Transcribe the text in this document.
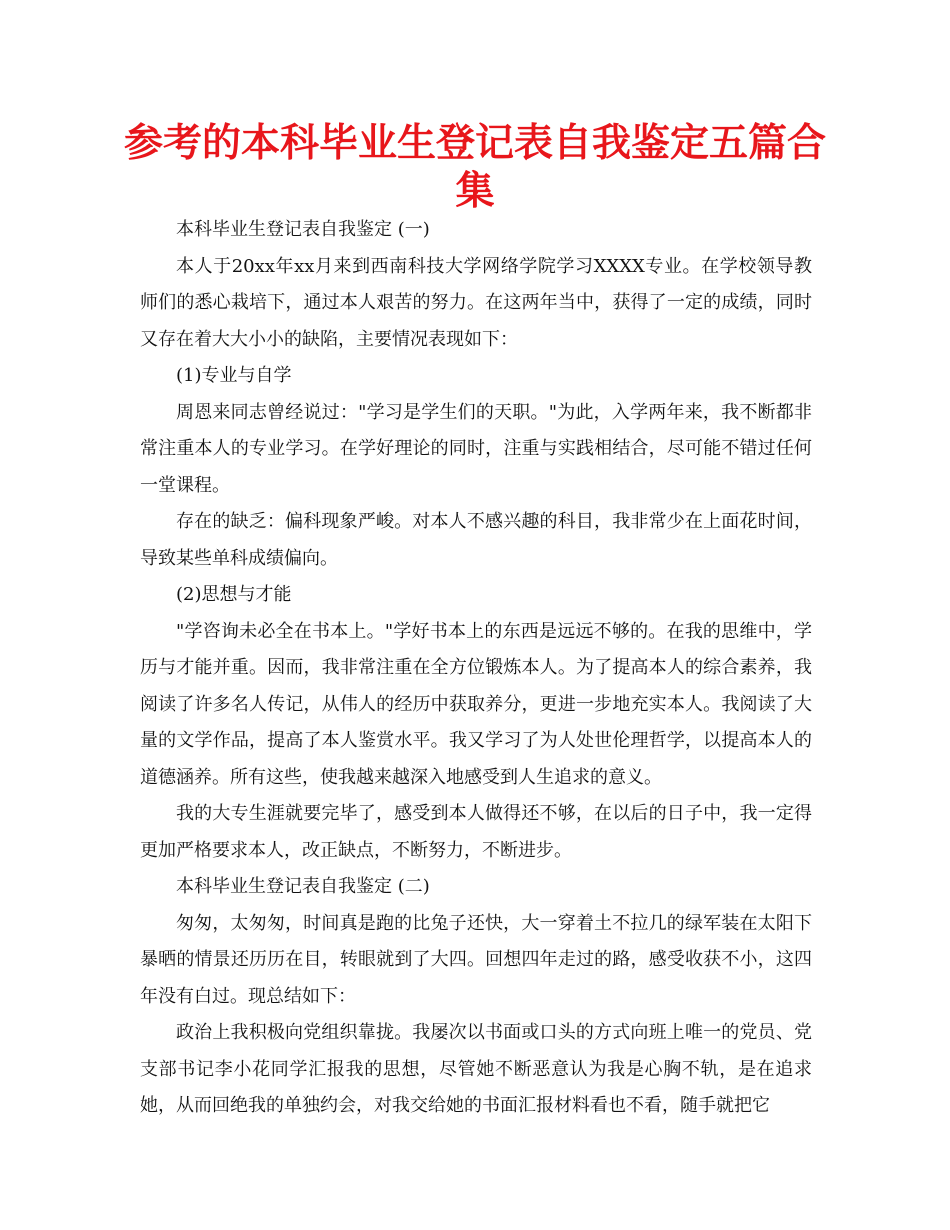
参考的本科毕业生登记表自我鉴定五篇合集

本科毕业生登记表自我鉴定 (一)

本人于20xx年xx月来到西南科技大学网络学院学习XXXX专业。在学校领导教师们的悉心栽培下，通过本人艰苦的努力。在这两年当中，获得了一定的成绩，同时又存在着大大小小的缺陷，主要情况表现如下：

(1)专业与自学

周恩来同志曾经说过："学习是学生们的天职。"为此，入学两年来，我不断都非常注重本人的专业学习。在学好理论的同时，注重与实践相结合，尽可能不错过任何一堂课程。

存在的缺乏：偏科现象严峻。对本人不感兴趣的科目，我非常少在上面花时间，导致某些单科成绩偏向。

(2)思想与才能

"学咨询未必全在书本上。"学好书本上的东西是远远不够的。在我的思维中，学历与才能并重。因而，我非常注重在全方位锻炼本人。为了提高本人的综合素养，我阅读了许多名人传记，从伟人的经历中获取养分，更进一步地充实本人。我阅读了大量的文学作品，提高了本人鉴赏水平。我又学习了为人处世伦理哲学，以提高本人的道德涵养。所有这些，使我越来越深入地感受到人生追求的意义。

我的大专生涯就要完毕了，感受到本人做得还不够，在以后的日子中，我一定得更加严格要求本人，改正缺点，不断努力，不断进步。

本科毕业生登记表自我鉴定 (二)

匆匆，太匆匆，时间真是跑的比兔子还快，大一穿着土不拉几的绿军装在太阳下暴晒的情景还历历在目，转眼就到了大四。回想四年走过的路，感受收获不小，这四年没有白过。现总结如下：

政治上我积极向党组织靠拢。我屡次以书面或口头的方式向班上唯一的党员、党支部书记李小花同学汇报我的思想，尽管她不断恶意认为我是心胸不轨，是在追求她，从而回绝我的单独约会，对我交给她的书面汇报材料看也不看，随手就把它
